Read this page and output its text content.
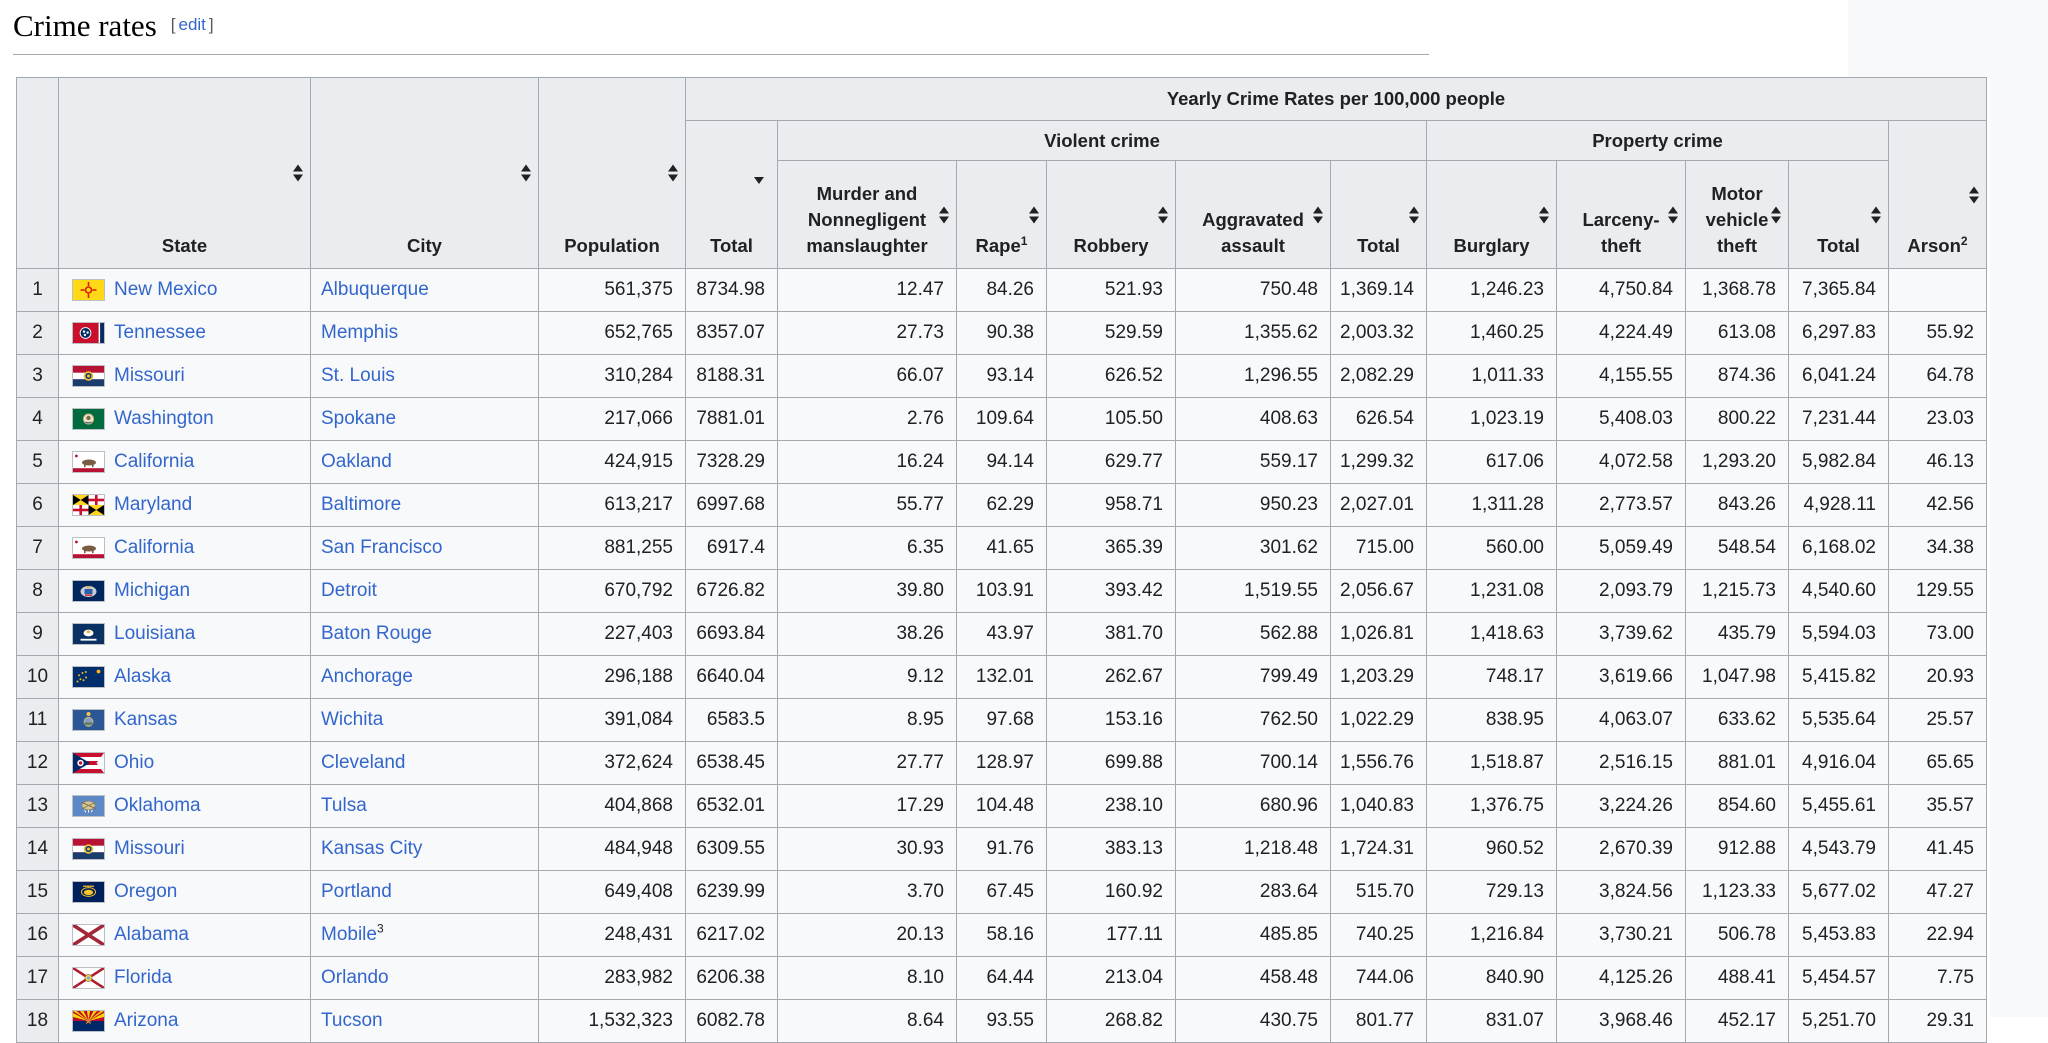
Crime rates [ edit ]
	State	City	Population	Yearly Crime Rates per 100,000 people										
				Total	Violent crime					Property crime				Arson$^2$

					Murder and
Nonnegligent
manslaughter	Rape$^1$	Robbery	Aggravated
assault	Total	Burglary	Larceny-
theft	Motor
vehicle
theft	Total	

1	New Mexico	Albuquerque	561,375	8734.98	12.47	84.26	521.93	750.48	1,369.14	1,246.23	4,750.84	1,368.78	7,365.84	
2	Tennessee	Memphis	652,765	8357.07	27.73	90.38	529.59	1,355.62	2,003.32	1,460.25	4,224.49	613.08	6,297.83	55.92
3	Missouri	St. Louis	310,284	8188.31	66.07	93.14	626.52	1,296.55	2,082.29	1,011.33	4,155.55	874.36	6,041.24	64.78
4	Washington	Spokane	217,066	7881.01	2.76	109.64	105.50	408.63	626.54	1,023.19	5,408.03	800.22	7,231.44	23.03
5	California	Oakland	424,915	7328.29	16.24	94.14	629.77	559.17	1,299.32	617.06	4,072.58	1,293.20	5,982.84	46.13
6	Maryland	Baltimore	613,217	6997.68	55.77	62.29	958.71	950.23	2,027.01	1,311.28	2,773.57	843.26	4,928.11	42.56
7	California	San Francisco	881,255	6917.4	6.35	41.65	365.39	301.62	715.00	560.00	5,059.49	548.54	6,168.02	34.38
8	Michigan	Detroit	670,792	6726.82	39.80	103.91	393.42	1,519.55	2,056.67	1,231.08	2,093.79	1,215.73	4,540.60	129.55
9	Louisiana	Baton Rouge	227,403	6693.84	38.26	43.97	381.70	562.88	1,026.81	1,418.63	3,739.62	435.79	5,594.03	73.00
10	Alaska	Anchorage	296,188	6640.04	9.12	132.01	262.67	799.49	1,203.29	748.17	3,619.66	1,047.98	5,415.82	20.93
11	Kansas	Wichita	391,084	6583.5	8.95	97.68	153.16	762.50	1,022.29	838.95	4,063.07	633.62	5,535.64	25.57
12	Ohio	Cleveland	372,624	6538.45	27.77	128.97	699.88	700.14	1,556.76	1,518.87	2,516.15	881.01	4,916.04	65.65
13	Oklahoma	Tulsa	404,868	6532.01	17.29	104.48	238.10	680.96	1,040.83	1,376.75	3,224.26	854.60	5,455.61	35.57
14	Missouri	Kansas City	484,948	6309.55	30.93	91.76	383.13	1,218.48	1,724.31	960.52	2,670.39	912.88	4,543.79	41.45
15	Oregon	Portland	649,408	6239.99	3.70	67.45	160.92	283.64	515.70	729.13	3,824.56	1,123.33	5,677.02	47.27
16	Alabama	Mobile$^3$	248,431	6217.02	20.13	58.16	177.11	485.85	740.25	1,216.84	3,730.21	506.78	5,453.83	22.94
17	Florida	Orlando	283,982	6206.38	8.10	64.44	213.04	458.48	744.06	840.90	4,125.26	488.41	5,454.57	7.75
18	Arizona	Tucson	1,532,323	6082.78	8.64	93.55	268.82	430.75	801.77	831.07	3,968.46	452.17	5,251.70	29.31
